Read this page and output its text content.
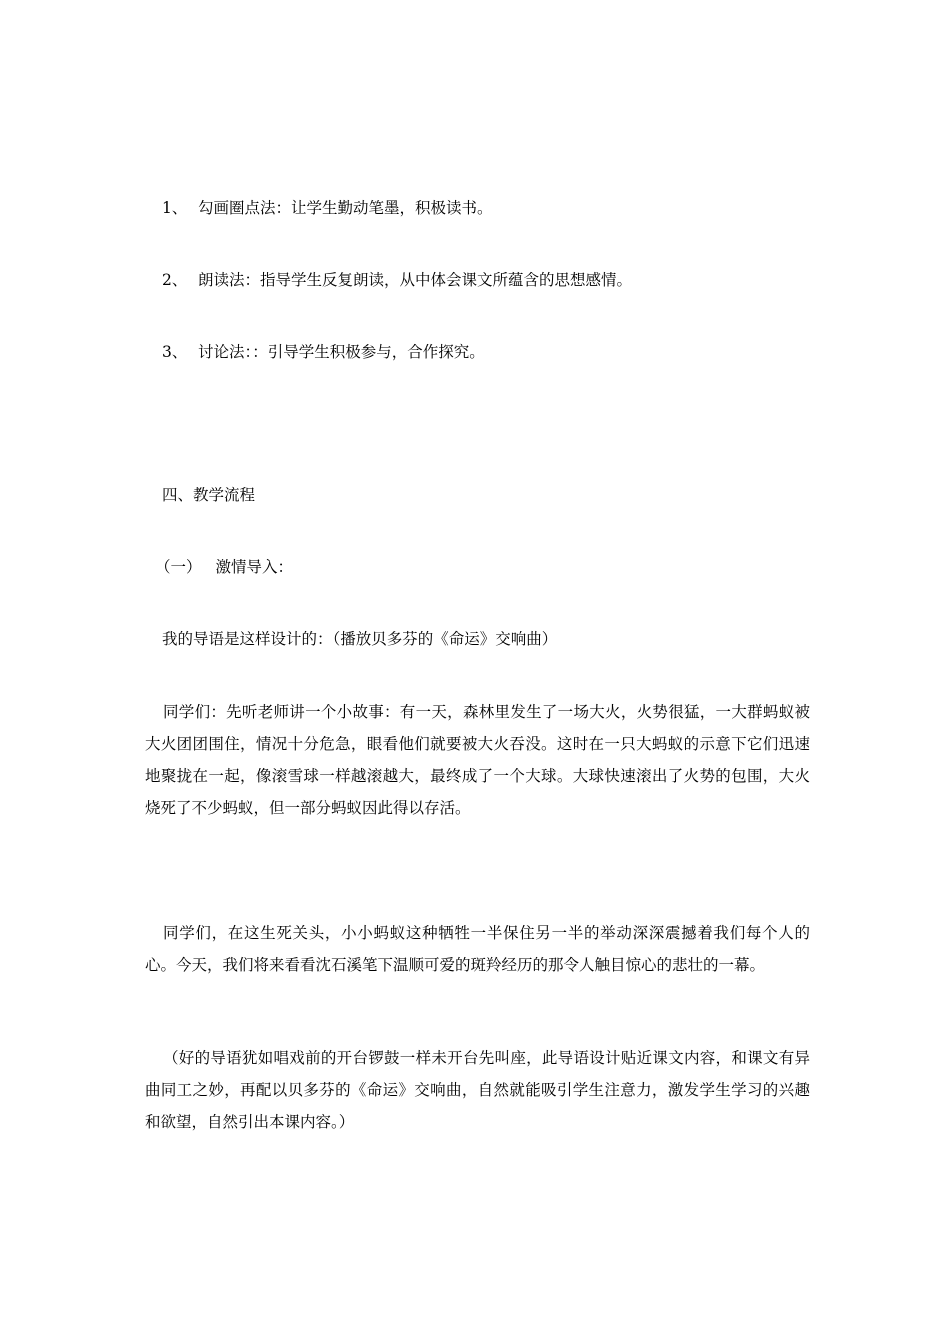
1、 勾画圈点法：让学生勤动笔墨，积极读书。
2、 朗读法：指导学生反复朗读，从中体会课文所蕴含的思想感情。
3、 讨论法：：引导学生积极参与，合作探究。
四、教学流程
（一） 激情导入：
我的导语是这样设计的：（播放贝多芬的《命运》交响曲）
同学们：先听老师讲一个小故事：有一天，森林里发生了一场大火，火势很猛，一大群蚂蚁被大火团团围住，情况十分危急，眼看他们就要被大火吞没。这时在一只大蚂蚁的示意下它们迅速地聚拢在一起，像滚雪球一样越滚越大，最终成了一个大球。大球快速滚出了火势的包围，大火烧死了不少蚂蚁，但一部分蚂蚁因此得以存活。
同学们，在这生死关头，小小蚂蚁这种牺牲一半保住另一半的举动深深震撼着我们每个人的心。今天，我们将来看看沈石溪笔下温顺可爱的斑羚经历的那令人触目惊心的悲壮的一幕。
（好的导语犹如唱戏前的开台锣鼓一样未开台先叫座，此导语设计贴近课文内容，和课文有异曲同工之妙，再配以贝多芬的《命运》交响曲，自然就能吸引学生注意力，激发学生学习的兴趣和欲望，自然引出本课内容。）
